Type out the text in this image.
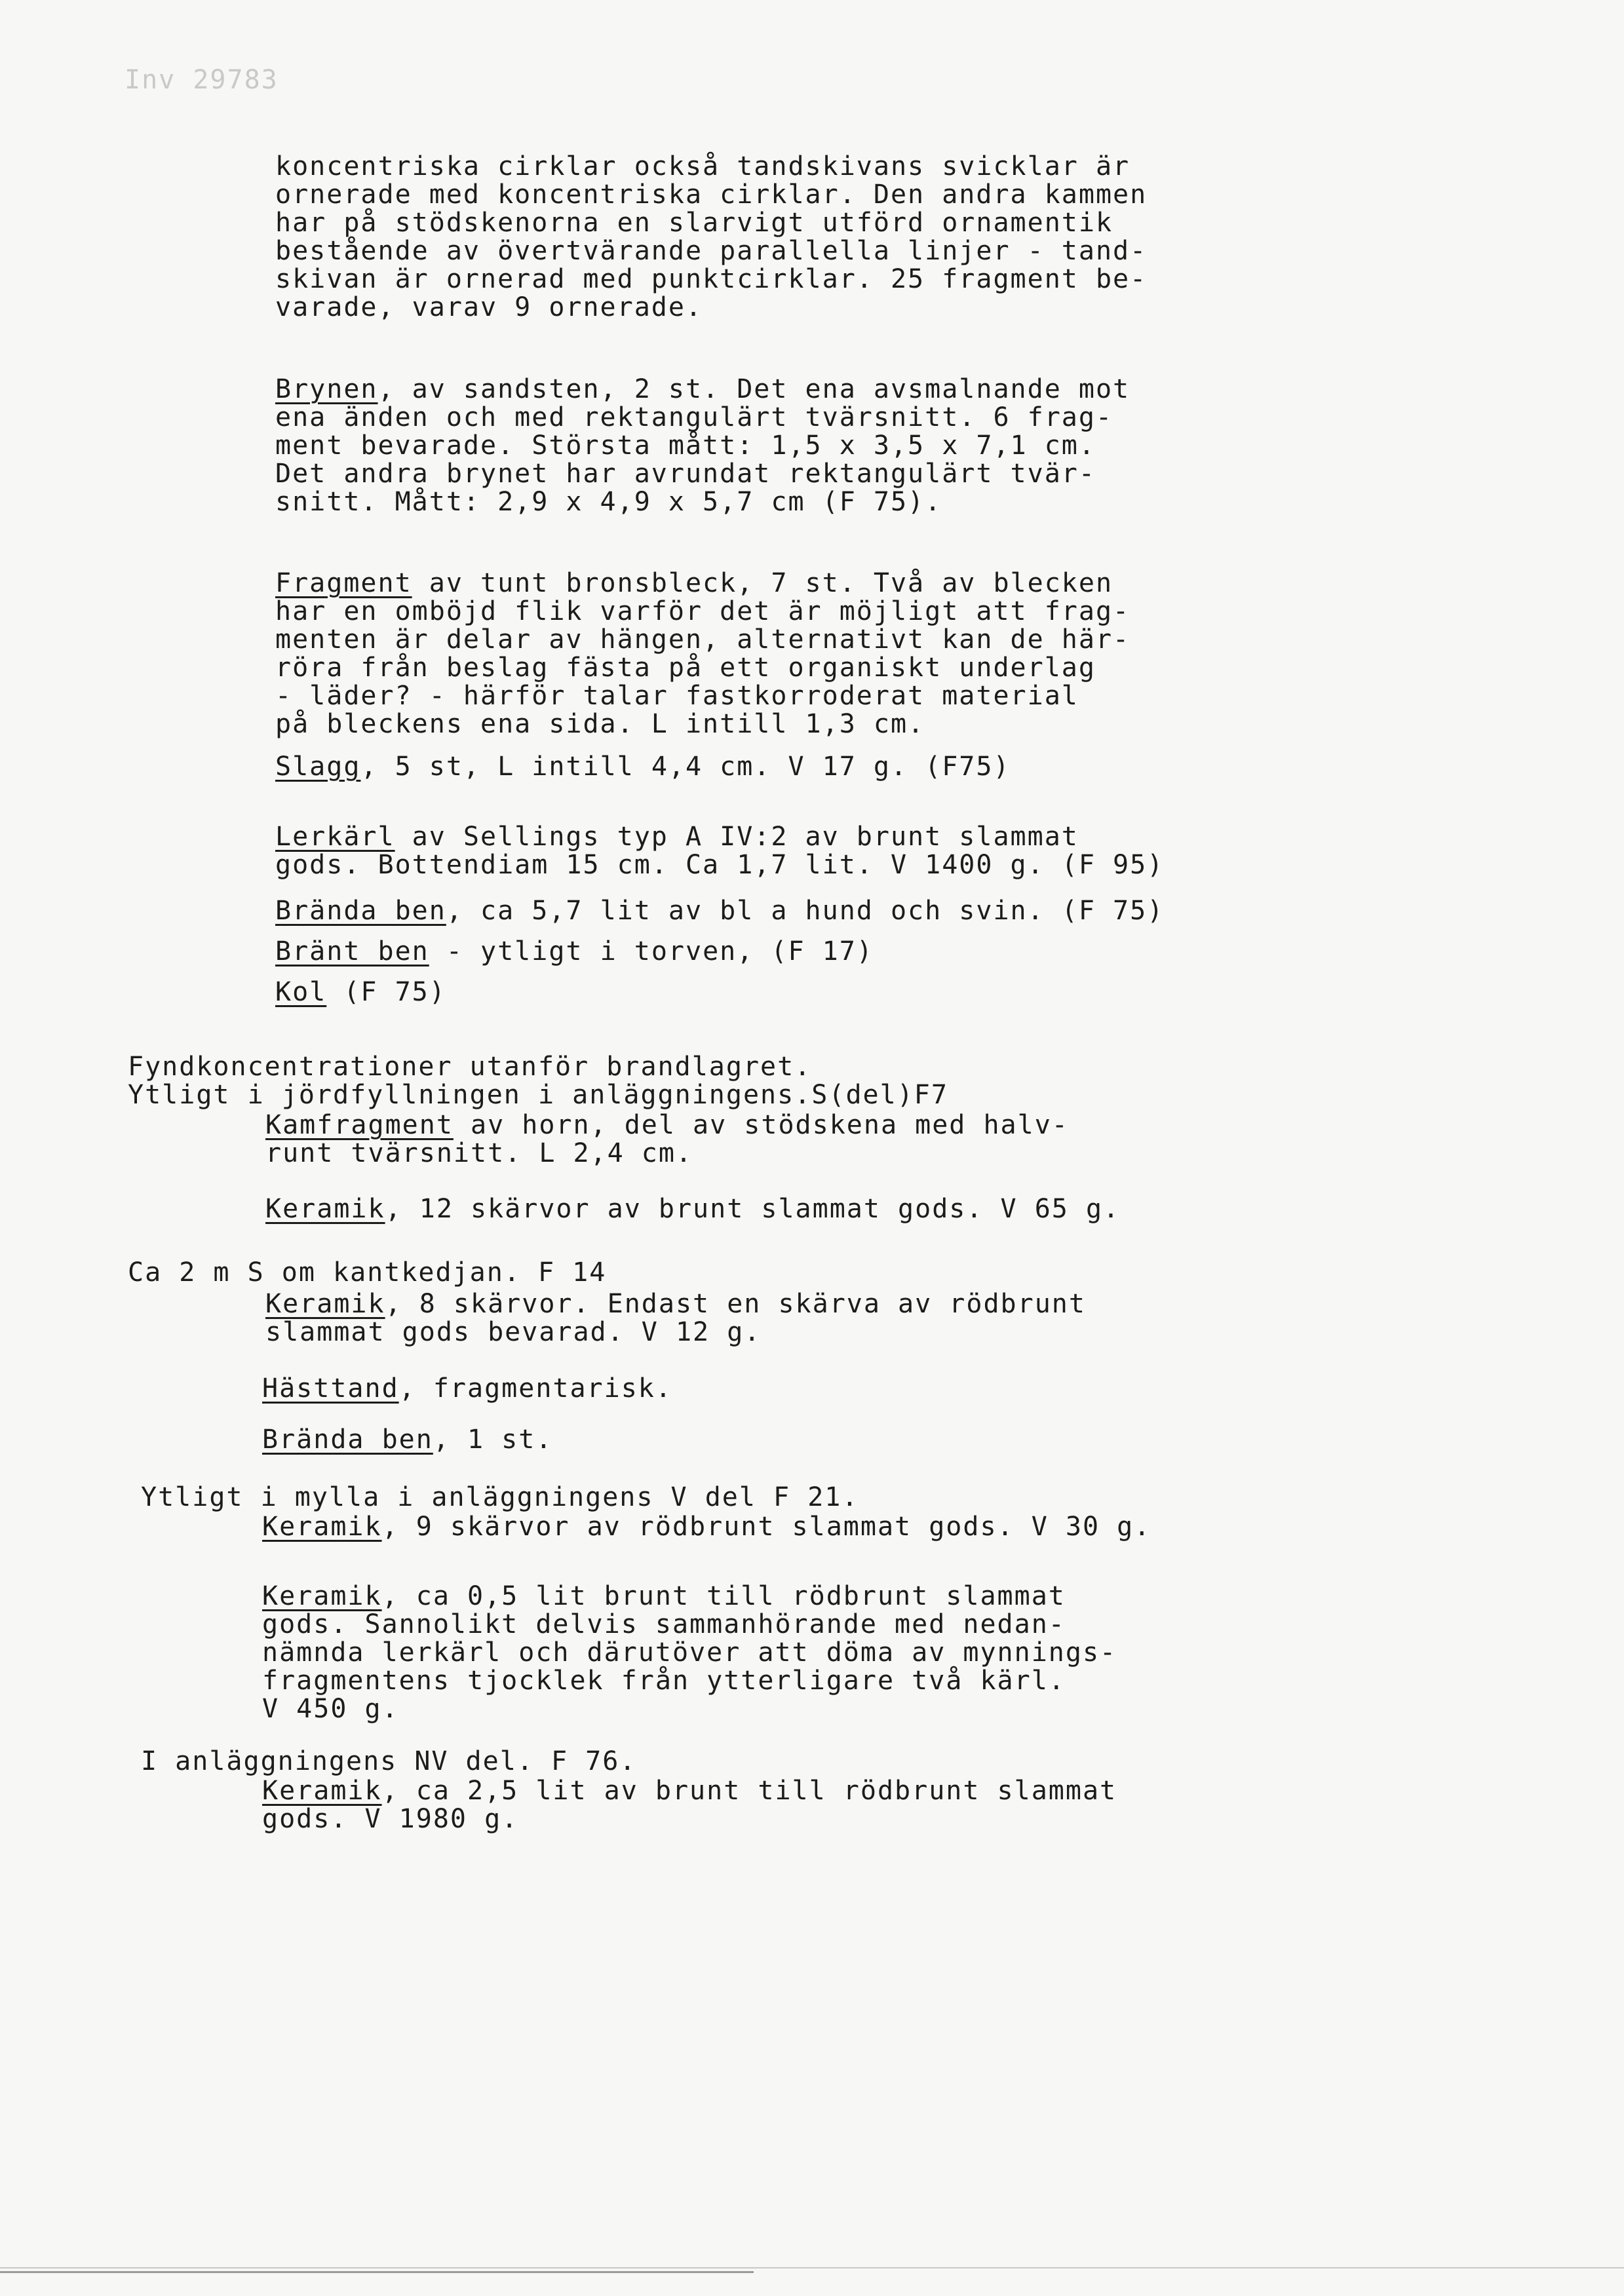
Inv 29783
koncentriska cirklar också tandskivans svicklar är
ornerade med koncentriska cirklar. Den andra kammen
har på stödskenorna en slarvigt utförd ornamentik
bestående av övertvärande parallella linjer - tand-
skivan är ornerad med punktcirklar. 25 fragment be-
varade, varav 9 ornerade.
Brynen, av sandsten, 2 st. Det ena avsmalnande mot
ena änden och med rektangulärt tvärsnitt. 6 frag-
ment bevarade. Största mått: 1,5 x 3,5 x 7,1 cm.
Det andra brynet har avrundat rektangulärt tvär-
snitt. Mått: 2,9 x 4,9 x 5,7 cm (F 75).
Fragment av tunt bronsbleck, 7 st. Två av blecken
har en omböjd flik varför det är möjligt att frag-
menten är delar av hängen, alternativt kan de här-
röra från beslag fästa på ett organiskt underlag
- läder? - härför talar fastkorroderat material
på bleckens ena sida. L intill 1,3 cm.
Slagg, 5 st, L intill 4,4 cm. V 17 g. (F75)
Lerkärl av Sellings typ A IV:2 av brunt slammat
gods. Bottendiam 15 cm. Ca 1,7 lit. V 1400 g. (F 95)
Brända ben, ca 5,7 lit av bl a hund och svin. (F 75)
Bränt ben - ytligt i torven, (F 17)
Kol (F 75)
Fyndkoncentrationer utanför brandlagret.
Ytligt i jördfyllningen i anläggningens.S(del)F7
Kamfragment av horn, del av stödskena med halv-
runt tvärsnitt. L 2,4 cm.
Keramik, 12 skärvor av brunt slammat gods. V 65 g.
Ca 2 m S om kantkedjan. F 14
Keramik, 8 skärvor. Endast en skärva av rödbrunt
slammat gods bevarad. V 12 g.
Hästtand, fragmentarisk.
Brända ben, 1 st.
Ytligt i mylla i anläggningens V del F 21.
Keramik, 9 skärvor av rödbrunt slammat gods. V 30 g.
Keramik, ca 0,5 lit brunt till rödbrunt slammat
gods. Sannolikt delvis sammanhörande med nedan-
nämnda lerkärl och därutöver att döma av mynnings-
fragmentens tjocklek från ytterligare två kärl.
V 450 g.
I anläggningens NV del. F 76.
Keramik, ca 2,5 lit av brunt till rödbrunt slammat
gods. V 1980 g.
